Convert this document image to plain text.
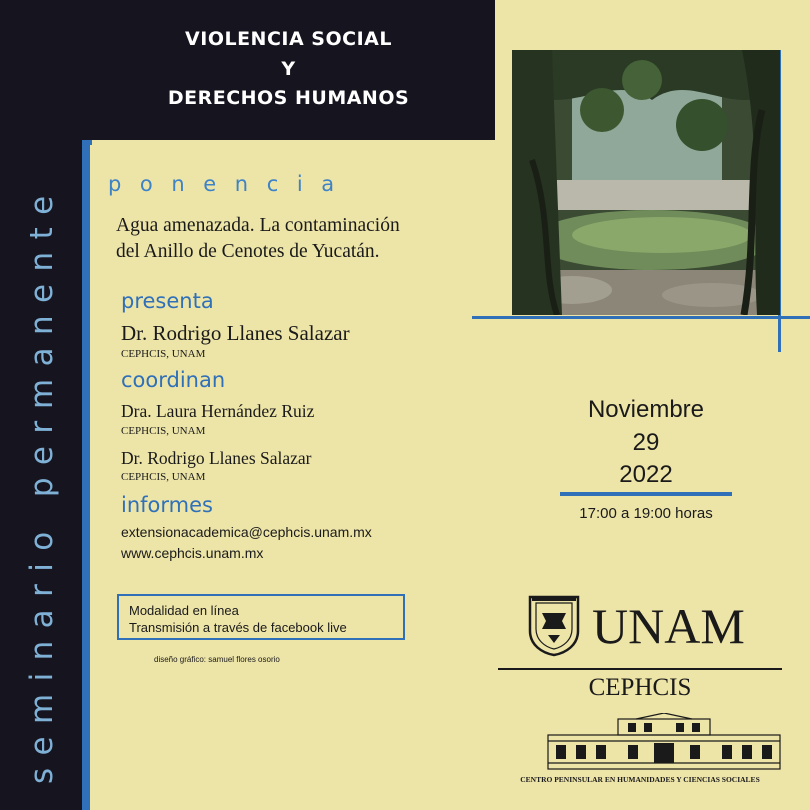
seminario permanente
VIOLENCIA SOCIAL
Y
DERECHOS HUMANOS
ponencia
Agua amenazada. La contaminación
del Anillo de Cenotes de Yucatán.
presenta
Dr. Rodrigo Llanes Salazar
CEPHCIS, UNAM
coordinan
Dra. Laura Hernández Ruiz
CEPHCIS, UNAM
Dr. Rodrigo Llanes Salazar
CEPHCIS, UNAM
informes
extensionacademica@cephcis.unam.mx
www.cephcis.unam.mx
Modalidad en línea
Transmisión a través de facebook live
diseño gráfico: samuel flores osorio
Noviembre
29
2022
17:00 a 19:00 horas
UNAM
CEPHCIS
CENTRO PENINSULAR EN HUMANIDADES Y CIENCIAS SOCIALES
